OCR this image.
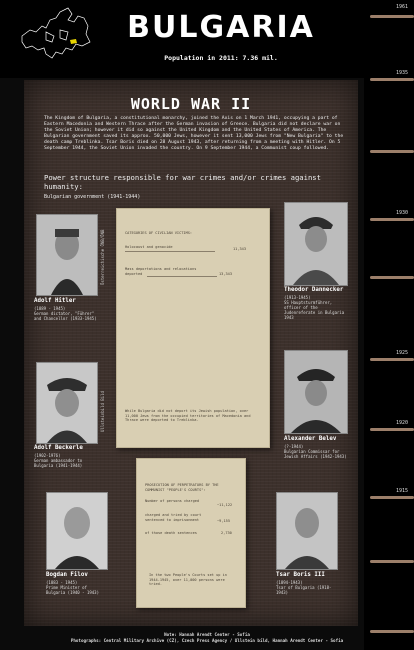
BULGARIA
Population in 2011: 7.36 mil.
1961
1935
1930
1925
1920
1915
WORLD WAR II
The Kingdom of Bulgaria, a constitutional monarchy, joined the Axis on 1 March 1941, occupying a part of Eastern Macedonia and Western Thrace after the German invasion of Greece. Bulgaria did not declare war on the Soviet Union; however it did so against the United Kingdom and the United States of America. The Bulgarian government saved its approx. 50,000 Jews, however it sent 13,000 Jews from "New Bulgaria" to the death camp Treblinka. Tsar Boris died on 28 August 1943, after returning from a meeting with Hitler. On 5 September 1944, the Soviet Union invaded the country. On 9 September 1944, a Communist coup followed.
Power structure responsible for war crimes and/or crimes against humanity:
Bulgarian government (1941-1944)
Österreichische ÖNB/ÖNB
Adolf Hitler
(1889 - 1945)
German dictator, "Führer"
and Chancellor (1933-1945)
Ullsteinbild Bild
Adolf Beckerle
(1902-1976)
German ambassador to
Bulgaria (1941-1944)
Bogdan Filov
(1883 - 1945)
Prime Minister of
Bulgaria (1940 - 1943)
Theodor Dannecker
(1913-1945)
SS Hauptsturmführer,
officer of the
Judenreferate in Bulgaria
1943
Alexander Belev
(?-1944)
Bulgarian Commissar for
Jewish Affairs (1942-1943)
Tsar Boris III
(1894-1943)
Tsar of Bulgaria (1918-
1943)
CATEGORIES OF CIVILIAN VICTIMS:
Holocaust and genocide	11,343
Mass deportations and relocations
deported	13,343
While Bulgaria did not deport its Jewish population, over 11,000 Jews from the occupied territories of Macedonia and Thrace were deported to Treblinka.
PROSECUTION OF PERPETRATORS BY THE COMMUNIST "PEOPLE'S COURTS":
Number of persons charged
~11,122
charged and tried by court sentenced to imprisonment	~9,155
of those death sentences	2,730
In the two People's Courts set up in 1944-1945, over 11,000 persons were tried.
Note: Hannah Arendt Center - Sofia
Photographs: Central Military Archive (CZ), Czech Press Agency / Ullstein bild, Hannah Arendt Center - Sofia
